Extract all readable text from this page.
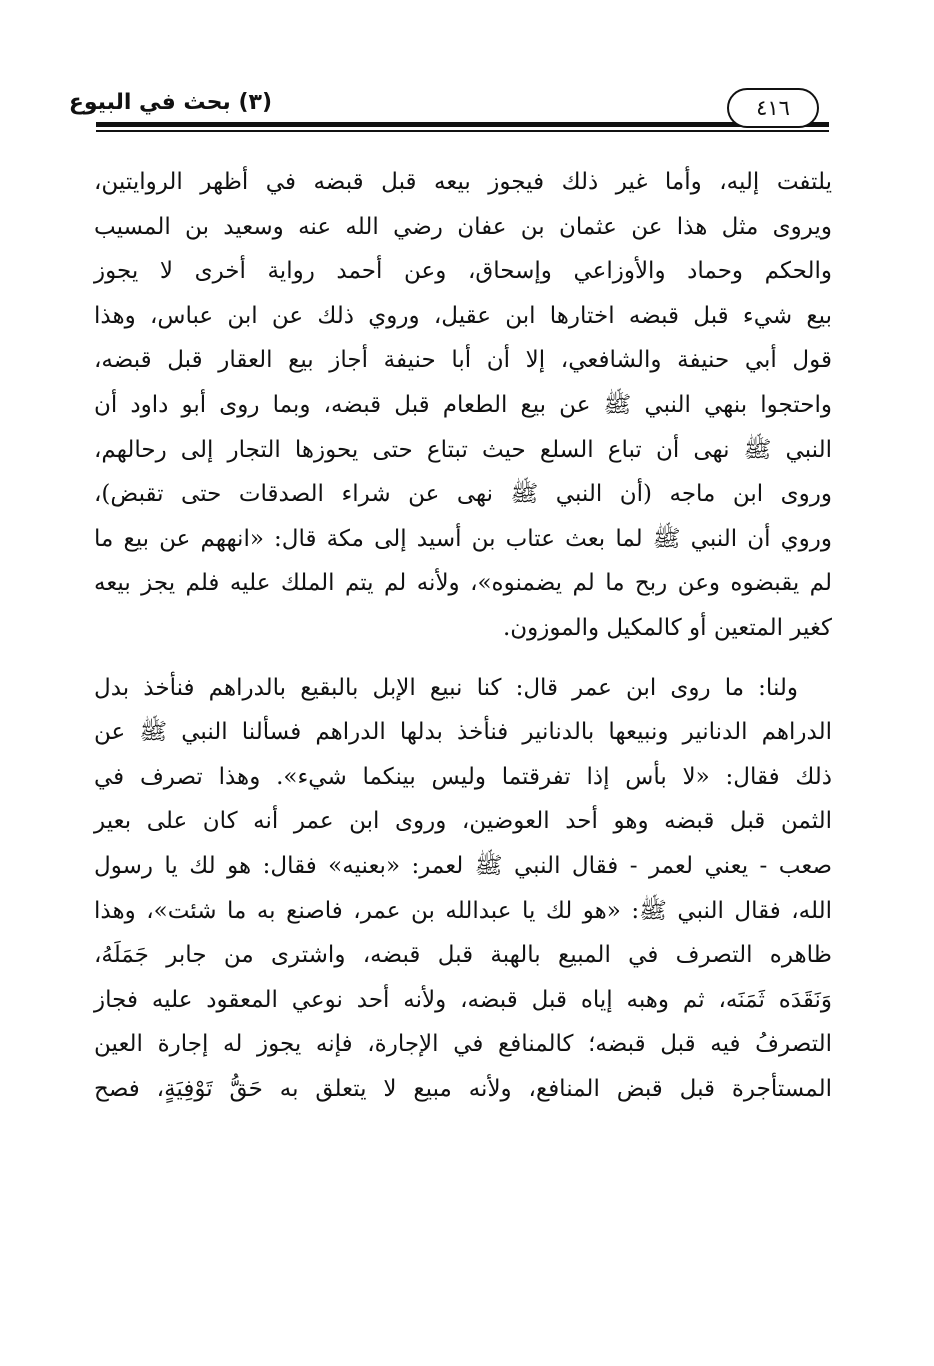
(٣) بحث في البيوع	٤١٦
يلتفت إليه، وأما غير ذلك فيجوز بيعه قبل قبضه في أظهر الروايتين،
ويروى مثل هذا عن عثمان بن عفان رضي الله عنه وسعيد بن المسيب
والحكم وحماد والأوزاعي وإسحاق، وعن أحمد رواية أخرى لا يجوز
بيع شيء قبل قبضه اختارها ابن عقيل، وروي ذلك عن ابن عباس، وهذا
قول أبي حنيفة والشافعي، إلا أن أبا حنيفة أجاز بيع العقار قبل قبضه،
واحتجوا بنهي النبي ﷺ عن بيع الطعام قبل قبضه، وبما روى أبو داود أن
النبي ﷺ نهى أن تباع السلع حيث تبتاع حتى يحوزها التجار إلى رحالهم،
وروى ابن ماجه (أن النبي ﷺ نهى عن شراء الصدقات حتى تقبض)،
وروي أن النبي ﷺ لما بعث عتاب بن أسيد إلى مكة قال: «انههم عن بيع ما
لم يقبضوه وعن ربح ما لم يضمنوه»، ولأنه لم يتم الملك عليه فلم يجز بيعه
كغير المتعين أو كالمكيل والموزون.
ولنا: ما روى ابن عمر قال: كنا نبيع الإبل بالبقيع بالدراهم فنأخذ بدل
الدراهم الدنانير ونبيعها بالدنانير فنأخذ بدلها الدراهم فسألنا النبي ﷺ عن
ذلك فقال: «لا بأس إذا تفرقتما وليس بينكما شيء». وهذا تصرف في
الثمن قبل قبضه وهو أحد العوضين، وروى ابن عمر أنه كان على بعير
صعب - يعني لعمر - فقال النبي ﷺ لعمر: «بعنيه» فقال: هو لك يا رسول
الله، فقال النبي ﷺ: «هو لك يا عبدالله بن عمر، فاصنع به ما شئت»، وهذا
ظاهره التصرف في المبيع بالهبة قبل قبضه، واشترى من جابر جَمَلَهُ،
وَنَقَدَه ثَمَنَه، ثم وهبه إياه قبل قبضه، ولأنه أحد نوعي المعقود عليه فجاز
التصرفُ فيه قبل قبضه؛ كالمنافع في الإجارة، فإنه يجوز له إجارة العين
المستأجرة قبل قبض المنافع، ولأنه مبيع لا يتعلق به حَقُّ تَوْفِيَةٍ، فصح
